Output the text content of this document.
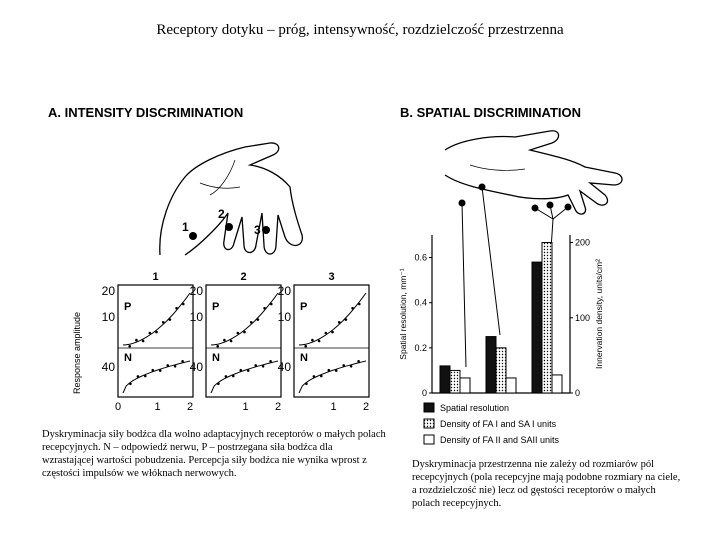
Receptory dotyku – próg, intensywność, rozdzielczość przestrzenna
A. INTENSITY DISCRIMINATION
1
2
3
Response amplitude
1
20
10
40
P
N
0	1 2
2
20
10
40
P
N
1 2
3
20
10
40
P
N
1 2
B. SPATIAL DISCRIMINATION
0
0.2
0.4
0.6
0
100
200
Spatial resolution, mm⁻¹	Innervation density, units/cm²
Spatial resolution
Density of FA I and SA I units
Density of FA II and SAII units
Dyskryminacja siły bodźca dla wolno adaptacyjnych receptorów o małych polach recepcyjnych. N – odpowiedź nerwu, P – postrzegana siła bodźca dla wzrastającej wartości pobudzenia. Percepcja siły bodźca nie wynika wprost z częstości impulsów we włóknach nerwowych.
Dyskryminacja przestrzenna nie zależy od rozmiarów pól recepcyjnych (pola recepcyjne mają podobne rozmiary na ciele, a rozdzielczość nie) lecz od gęstości receptorów o małych polach recepcyjnych.
